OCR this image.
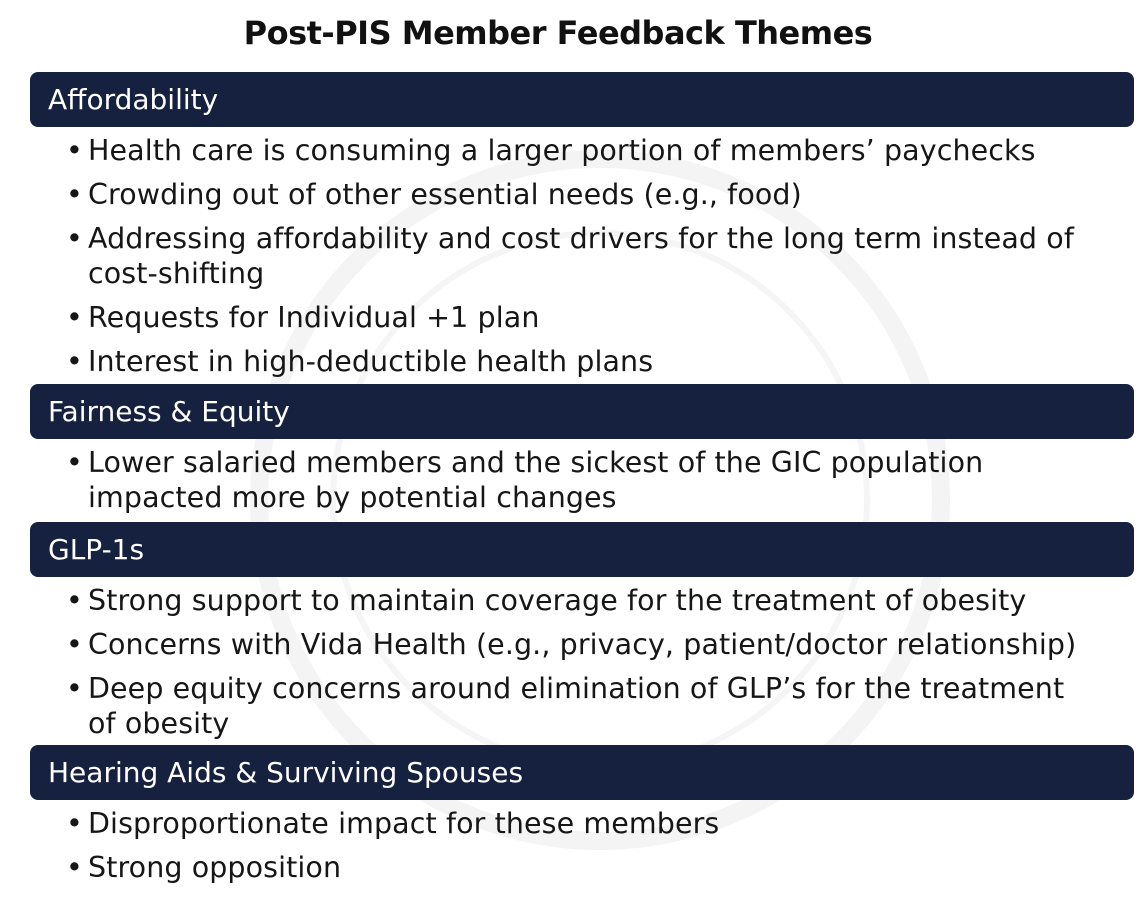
Post-PIS Member Feedback Themes
Affordability
• Health care is consuming a larger portion of members’ paychecks
• Crowding out of other essential needs (e.g., food)
• Addressing affordability and cost drivers for the long term instead of
cost-shifting
• Requests for Individual +1 plan
• Interest in high-deductible health plans
Fairness & Equity
• Lower salaried members and the sickest of the GIC population
impacted more by potential changes
GLP-1s
• Strong support to maintain coverage for the treatment of obesity
• Concerns with Vida Health (e.g., privacy, patient/doctor relationship)
• Deep equity concerns around elimination of GLP’s for the treatment
of obesity
Hearing Aids & Surviving Spouses
• Disproportionate impact for these members
• Strong opposition
